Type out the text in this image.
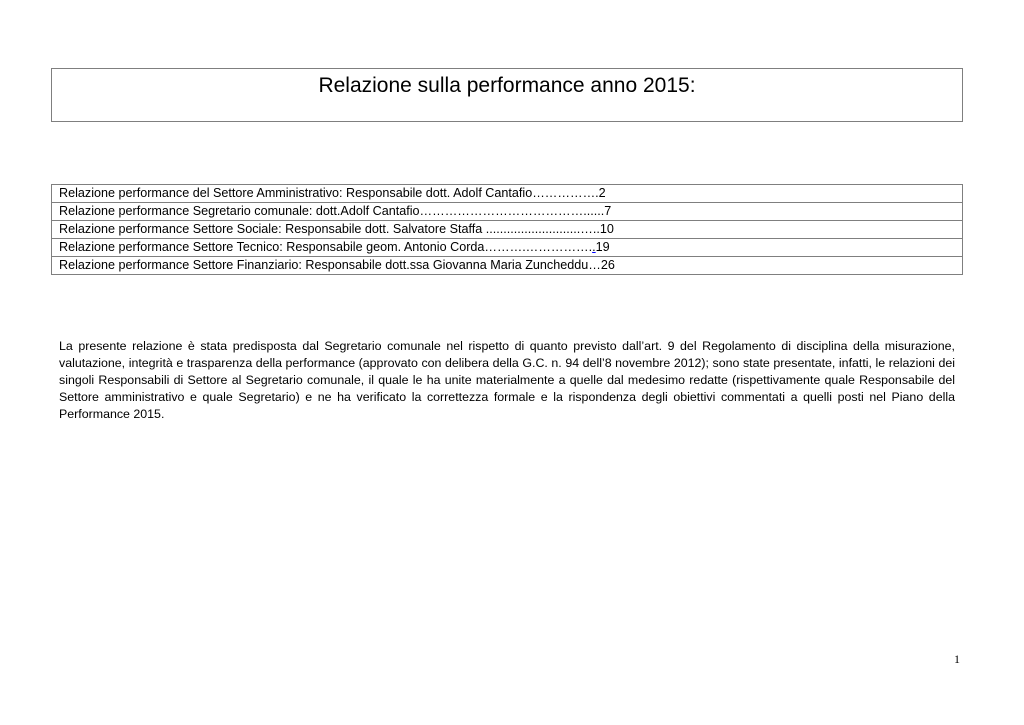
Relazione sulla performance anno 2015:
Relazione performance del Settore Amministrativo: Responsabile dott. Adolf Cantafio…………….2
Relazione performance Segretario comunale: dott.Adolf Cantafio…………………………………......7
Relazione performance Settore Sociale: Responsabile dott. Salvatore Staffa ...........................…..10
Relazione performance Settore Tecnico: Responsabile geom. Antonio Corda……….……………..19
Relazione performance Settore Finanziario: Responsabile dott.ssa Giovanna Maria Zuncheddu…26

La presente relazione è stata predisposta dal Segretario comunale nel rispetto di quanto previsto dall’art. 9 del Regolamento di disciplina della misurazione, valutazione, integrità e trasparenza della performance (approvato con delibera della G.C. n. 94 dell’8 novembre 2012); sono state presentate, infatti, le relazioni dei singoli Responsabili di Settore al Segretario comunale, il quale le ha unite materialmente a quelle dal medesimo redatte (rispettivamente quale Responsabile del Settore amministrativo e quale Segretario) e ne ha verificato la correttezza formale e la rispondenza degli obiettivi commentati a quelli posti nel Piano della Performance 2015.

1
